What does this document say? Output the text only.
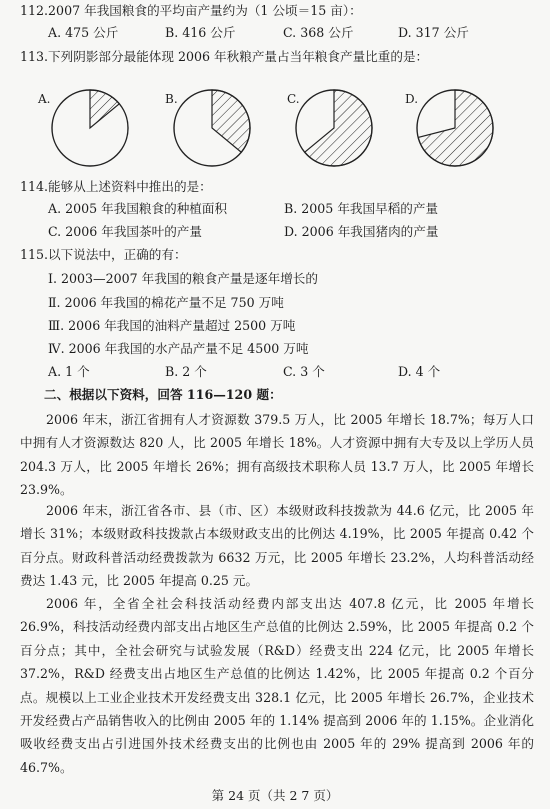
112.2007 年我国粮食的平均亩产量约为（1 公顷＝15 亩）：
A. 475 公斤	B. 416 公斤	C. 368 公斤	D. 317 公斤
113.下列阴影部分最能体现 2006 年秋粮产量占当年粮食产量比重的是：
A.	B.	C.	D.
114.能够从上述资料中推出的是：
A. 2005 年我国粮食的种植面积	B. 2005 年我国早稻的产量
C. 2006 年我国茶叶的产量	D. 2006 年我国猪肉的产量
115.以下说法中，正确的有：
Ⅰ. 2003—2007 年我国的粮食产量是逐年增长的
Ⅱ. 2006 年我国的棉花产量不足 750 万吨
Ⅲ. 2006 年我国的油料产量超过 2500 万吨
Ⅳ. 2006 年我国的水产品产量不足 4500 万吨
A. 1 个	B. 2 个	C. 3 个	D. 4 个
二、根据以下资料，回答 116—120 题：
2006 年末，浙江省拥有人才资源数 379.5 万人，比 2005 年增长 18.7%；每万人口中拥有人才资源数达 820 人，比 2005 年增长 18%。人才资源中拥有大专及以上学历人员 204.3 万人，比 2005 年增长 26%；拥有高级技术职称人员 13.7 万人，比 2005 年增长 23.9%。
2006 年末，浙江省各市、县（市、区）本级财政科技拨款为 44.6 亿元，比 2005 年增长 31%；本级财政科技拨款占本级财政支出的比例达 4.19%，比 2005 年提高 0.42 个百分点。财政科普活动经费拨款为 6632 万元，比 2005 年增长 23.2%，人均科普活动经费达 1.43 元，比 2005 年提高 0.25 元。
2006 年，全省全社会科技活动经费内部支出达 407.8 亿元，比 2005 年增长 26.9%，科技活动经费内部支出占地区生产总值的比例达 2.59%，比 2005 年提高 0.2 个百分点；其中，全社会研究与试验发展（R&D）经费支出 224 亿元，比 2005 年增长 37.2%，R&D 经费支出占地区生产总值的比例达 1.42%，比 2005 年提高 0.2 个百分点。规模以上工业企业技术开发经费支出 328.1 亿元，比 2005 年增长 26.7%，企业技术开发经费占产品销售收入的比例由 2005 年的 1.14% 提高到 2006 年的 1.15%。企业消化吸收经费支出占引进国外技术经费支出的比例也由 2005 年的 29% 提高到 2006 年的 46.7%。
第 24 页（共 2 7 页）
